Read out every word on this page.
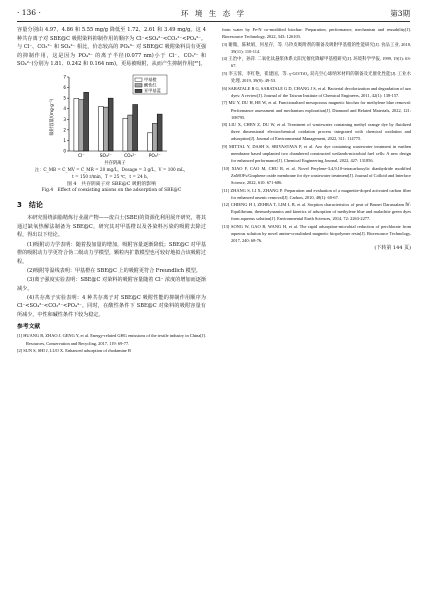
· 136 ·	环 境 生 态 学	第3期

容量分别由 4.97、4.86 和 5.55 mg/g 降低至 1.72、2.61 和 3.49 mg/g。这 4 种共存离子对 SBE@C 吸附染料抑制作用的顺序为 Cl⁻<SO₄²⁻<CO₃²⁻<PO₄³⁻。与 Cl⁻、CO₃²⁻ 和 SO₄²⁻ 相比，价态较高的 PO₄³⁻ 对 SBE@C 吸附染料具有更强的抑制作用，这是因为 PO₄³⁻ 的离子半径(0.077 nm)小于 Cl⁻、CO₃²⁻ 和 SO₄²⁻(分别为 1.81、0.242 和 0.164 nm)，更易被吸附，从而产生抑制作用[²⁵]。

吸附容量/(mg·g⁻¹)
共存阴离子
0
1
2
3
4
5
6
7
Cl⁻	SO₄²⁻	CO₃²⁻	PO₄³⁻
甲基橙
酸性红
亚甲基蓝

注：C_MB = C_MV = C_MR = 20 mg/L，Dosage = 3 g/L，V = 100 mL，

t = 150 r/min，T = 25 ℃，t = 24 h。

图 4　共存阴离子对 SBE@C 吸附的影响

Fig.4　Effect of coexisting anions on the adsorption of SBE@C

3　结论

本研究围绕油脂精炼行业副产物——废白土(SBE)的资源化利用展开研究，将其通过缺氧热解法制备为 SBE@C，研究其对甲基橙以及各染料污染的吸附去除过程，得出以下结论。

(1)吸附动力学表明：随着投加量的增加，吸附容量逐渐降低；SBE@C 对甲基橙的吸附动力学更符合伪二级动力学模型，颗粒内扩散模型也可较好地拟合该吸附过程。

(2)吸附等温线表明：甲基橙在 SBE@C 上的吸附更符合 Freundlich 模型。

(3)离子强度实验表明：SBE@C 对染料的吸附容量随着 Cl⁻ 浓度的增加而逐渐减少。

(4)共存离子实验表明：4 种共存离子对 SBE@C 吸附性能的抑制作用顺序为 Cl⁻<SO₄²⁻<CO₃²⁻<PO₄³⁻。同时，在酸性条件下 SBE@C 对染料的吸附容量有所减少，中性和碱性条件下较为稳定。

参考文献

[1] HUANG B, ZHAO J, GENG Y, et al. Energy-related GHG emissions of the textile industry in China[J]. Resources, Conservation and Recycling, 2017, 119: 69-77.

[2] SUN S, SHI J, LUO X. Enhanced adsorption of rhodamine B

from water by Fe-N co-modified biochar: Preparation, performance, mechanism and reusability[J]. Bioresource Technology, 2022, 343: 126103.

[3] 谢微，陈秋娟，何星存，等. 马铃皮吸附剂的制备及吸附甲基橙的性能研究[J]. 食品工业, 2018, 39(11): 110-114.

[4] 王治中，孙萍. 二氧化钛悬浆体系太阳光催化降解甲基橙研究[J]. 环境科学学报, 1999, 19(1): 63-67.

[5] 李玉蓉，李红艳，崔建国，等. γ-GO/TiO₂ 双壳空心球纳米材料的制备及光催化性能[J]. 工业水处理, 2019, 39(9): 49-53.

[6] SARATALE R G, SARATALE G D, CHANG J S, et al. Bacterial decolorization and degradation of azo dyes: A review[J]. Journal of the Taiwan Institute of Chemical Engineers, 2011, 42(1): 138-157.

[7] MU Y, DU H, HE W, et al. Functionalized mesoporous magnetic biochar for methylene blue removal: Performance assessment and mechanism exploration[J]. Diamond and Related Materials, 2022, 121: 108795.

[8] LIU X, CHEN Z, DU W, et al. Treatment of wastewater containing methyl orange dye by fluidized three dimensional electrochemical oxidation process integrated with chemical oxidation and adsorption[J]. Journal of Environmental Management, 2022, 311: 114775.

[9] MITTAL Y, DASH S, SRIVASTAVA P, et al. Azo dye containing wastewater treatment in earthen membrane based unplanted two chambered constructed wetlands-microbial fuel cells: A new design for enhanced performance[J]. Chemical Engineering Journal, 2022, 427: 131856.

[10] XIAO F, CAO M, CHU R, et al. Novel Perylene-3,4,9,10-tetracarboxylic dianhydride modified ZnMOFs/Graphene oxide membrane for dye wastewater treatment[J]. Journal of Colloid and Interface Science, 2022, 610: 671-686.

[11] ZHANG S, LI X, ZHANG P. Preparation and evaluation of a magnetite-doped activated carbon fiber for enhanced arsenic removal[J]. Carbon, 2010, 48(1): 60-67.

[12] CHIENG H I, ZEHRA T, LIM L B, et al. Sorption characteristics of peat of Brunei Darussalam Ⅳ: Equilibrium, thermodynamics and kinetics of adsorption of methylene blue and malachite green dyes from aqueous solution[J]. Environmental Earth Sciences, 2014, 72: 2263-2277.

[13] SONG W, GAO B, WANG H, et al. The rapid adsorption-microbial reduction of perchlorate from aqueous solution by novel amine-crosslinked magnetic biopolymer resin[J]. Bioresource Technology, 2017, 240: 68-76.

(下转第 144 页)
